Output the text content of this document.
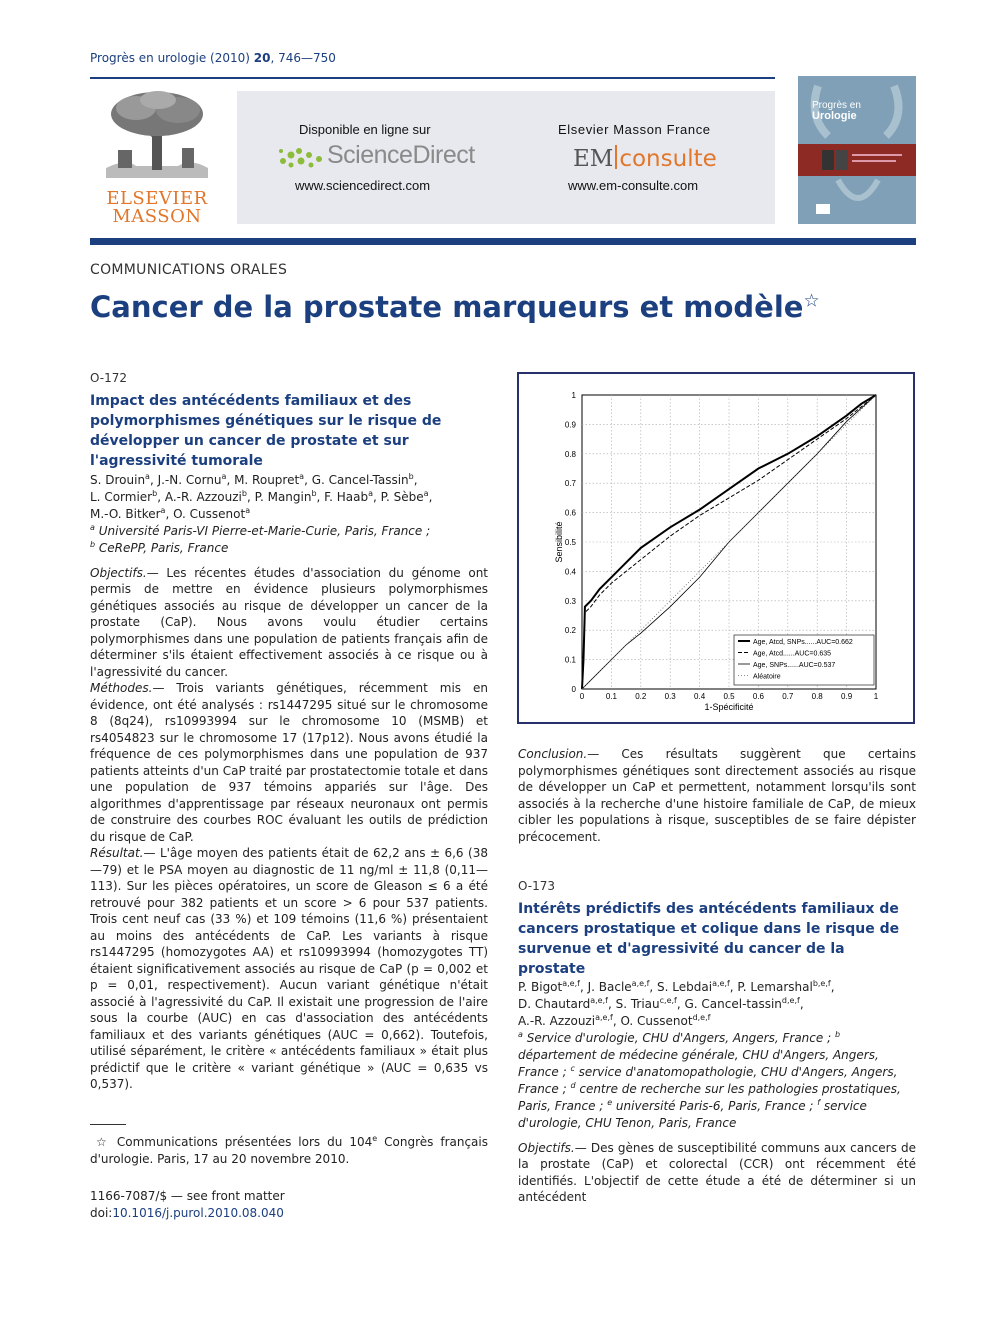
Progrès en urologie (2010) 20, 746—750
ELSEVIER
MASSON
Disponible en ligne sur
ScienceDirect
www.sciencedirect.com
Elsevier Masson France
EM consulte
www.em-consulte.com
Progrès en
Urologie
COMMUNICATIONS ORALES
Cancer de la prostate marqueurs et modèle☆
O-172
Impact des antécédents familiaux et des polymorphismes génétiques sur le risque de développer un cancer de prostate et sur l'agressivité tumorale
S. Drouin$^a$, J.-N. Cornu$^a$, M. Roupret$^a$, G. Cancel-Tassin$^b$,
L. Cormier$^b$, A.-R. Azzouzi$^b$, P. Mangin$^b$, F. Haab$^a$, P. Sèbe$^a$,
M.-O. Bitker$^a$, O. Cussenot$^a$
$^a$ Université Paris-VI Pierre-et-Marie-Curie, Paris, France ;
$^b$ CeRePP, Paris, France
Objectifs.— Les récentes études d'association du génome ont permis de mettre en évidence plusieurs polymorphismes génétiques associés au risque de développer un cancer de la prostate (CaP). Nous avons voulu étudier certains polymorphismes dans une population de patients français afin de déterminer s'ils étaient effectivement associés à ce risque ou à l'agressivité du cancer.
Méthodes.— Trois variants génétiques, récemment mis en évidence, ont été analysés : rs1447295 situé sur le chromosome 8 (8q24), rs10993994 sur le chromosome 10 (MSMB) et rs4054823 sur le chromosome 17 (17p12). Nous avons étudié la fréquence de ces polymorphismes dans une population de 937 patients atteints d'un CaP traité par prostatectomie totale et dans une population de 937 témoins appariés sur l'âge. Des algorithmes d'apprentissage par réseaux neuronaux ont permis de construire des courbes ROC évaluant les outils de prédiction du risque de CaP.
Résultat.— L'âge moyen des patients était de 62,2 ans ± 6,6 (38—79) et le PSA moyen au diagnostic de 11 ng/ml ± 11,8 (0,11—113). Sur les pièces opératoires, un score de Gleason ≤ 6 a été retrouvé pour 382 patients et un score > 6 pour 537 patients. Trois cent neuf cas (33 %) et 109 témoins (11,6 %) présentaient au moins des antécédents de CaP. Les variants à risque rs1447295 (homozygotes AA) et rs10993994 (homozygotes TT) étaient significativement associés au risque de CaP (p = 0,002 et p = 0,01, respectivement). Aucun variant génétique n'était associé à l'agressivité du CaP. Il existait une progression de l'aire sous la courbe (AUC) en cas d'association des antécédents familiaux et des variants génétiques (AUC = 0,662). Toutefois, utilisé séparément, le critère « antécédents familiaux » était plus prédictif que le critère « variant génétique » (AUC = 0,635 vs 0,537).
0	0.1 0.2 0.3 0.4 0.5 0.6 0.7 0.8 0.9	1
0
0.1
0.2
0.3
0.4
0.5
0.6
0.7
0.8
0.9
1
1-Spécificité
Sensibilité
Age, Atcd, SNPs......AUC=0.662
Age, Atcd......AUC=0.635
Age, SNPs......AUC=0.537
Aléatoire
Conclusion.— Ces résultats suggèrent que certains polymorphismes génétiques sont directement associés au risque de développer un CaP et permettent, notamment lorsqu'ils sont associés à la recherche d'une histoire familiale de CaP, de mieux cibler les populations à risque, susceptibles de se faire dépister précocement.
O-173
Intérêts prédictifs des antécédents familiaux de cancers prostatique et colique dans le risque de survenue et d'agressivité du cancer de la prostate
P. Bigot$^{a,e,f}$, J. Bacle$^{a,e,f}$, S. Lebdai$^{a,e,f}$, P. Lemarshal$^{b,e,f}$,
D. Chautard$^{a,e,f}$, S. Triau$^{c,e,f}$, G. Cancel-tassin$^{d,e,f}$,
A.-R. Azzouzi$^{a,e,f}$, O. Cussenot$^{d,e,f}$
$^a$ Service d'urologie, CHU d'Angers, Angers, France ; $^b$ département de médecine générale, CHU d'Angers, Angers, France ; $^c$ service d'anatomopathologie, CHU d'Angers, Angers, France ; $^d$ centre de recherche sur les pathologies prostatiques, Paris, France ; $^e$ université Paris-6, Paris, France ; $^f$ service d'urologie, CHU Tenon, Paris, France
Objectifs.— Des gènes de susceptibilité communs aux cancers de la prostate (CaP) et colorectal (CCR) ont récemment été identifiés. L'objectif de cette étude a été de déterminer si un antécédent
☆ Communications présentées lors du 104e Congrès français d'urologie. Paris, 17 au 20 novembre 2010.
1166-7087/$ — see front matter
doi:10.1016/j.purol.2010.08.040
